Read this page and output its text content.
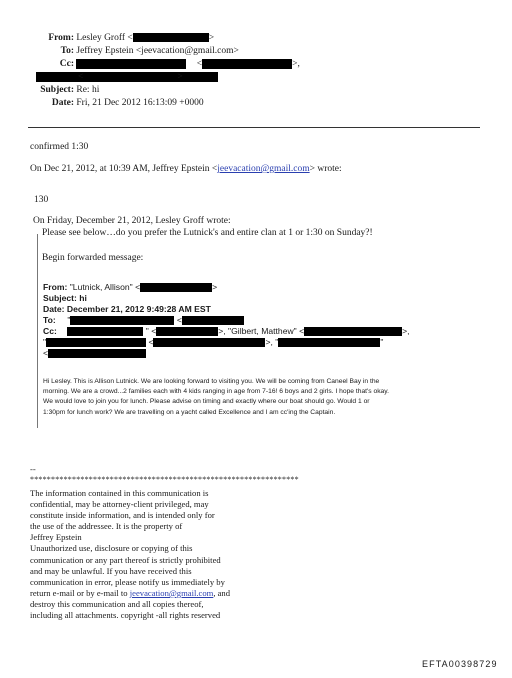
From: Lesley Groff <	>
To: Jeffrey Epstein <jeevacation@gmail.com>
Cc:	<	>,
<	>
Subject: Re: hi
Date: Fri, 21 Dec 2012 16:13:09 +0000
confirmed 1:30
On Dec 21, 2012, at 10:39 AM, Jeffrey Epstein <jeevacation@gmail.com> wrote:
130
On Friday, December 21, 2012, Lesley Groff wrote:
Please see below…do you prefer the Lutnick's and entire clan at 1 or 1:30 on Sunday?!
Begin forwarded message:
From: "Lutnick, Allison" <	>
Subject: hi
Date: December 21, 2012 9:49:28 AM EST
To: "	<
Cc:	" <	>, "Gilbert, Matthew" <	>,
"	<	>, "	"
<
Hi Lesley. This is Allison Lutnick. We are looking forward to visiting you. We will be coming from Caneel Bay in the
morning. We are a crowd...2 families each with 4 kids ranging in age from 7-16! 6 boys and 2 girls. I hope that's okay.
We would love to join you for lunch. Please advise on timing and exactly where our boat should go. Would 1 or
1:30pm for lunch work? We are travelling on a yacht called Excellence and I am cc'ing the Captain.
--
****************************************************************
The information contained in this communication is
confidential, may be attorney-client privileged, may
constitute inside information, and is intended only for
the use of the addressee. It is the property of
Jeffrey Epstein
Unauthorized use, disclosure or copying of this
communication or any part thereof is strictly prohibited
and may be unlawful. If you have received this
communication in error, please notify us immediately by
return e-mail or by e-mail to jeevacation@gmail.com, and
destroy this communication and all copies thereof,
including all attachments. copyright -all rights reserved
EFTA00398729
